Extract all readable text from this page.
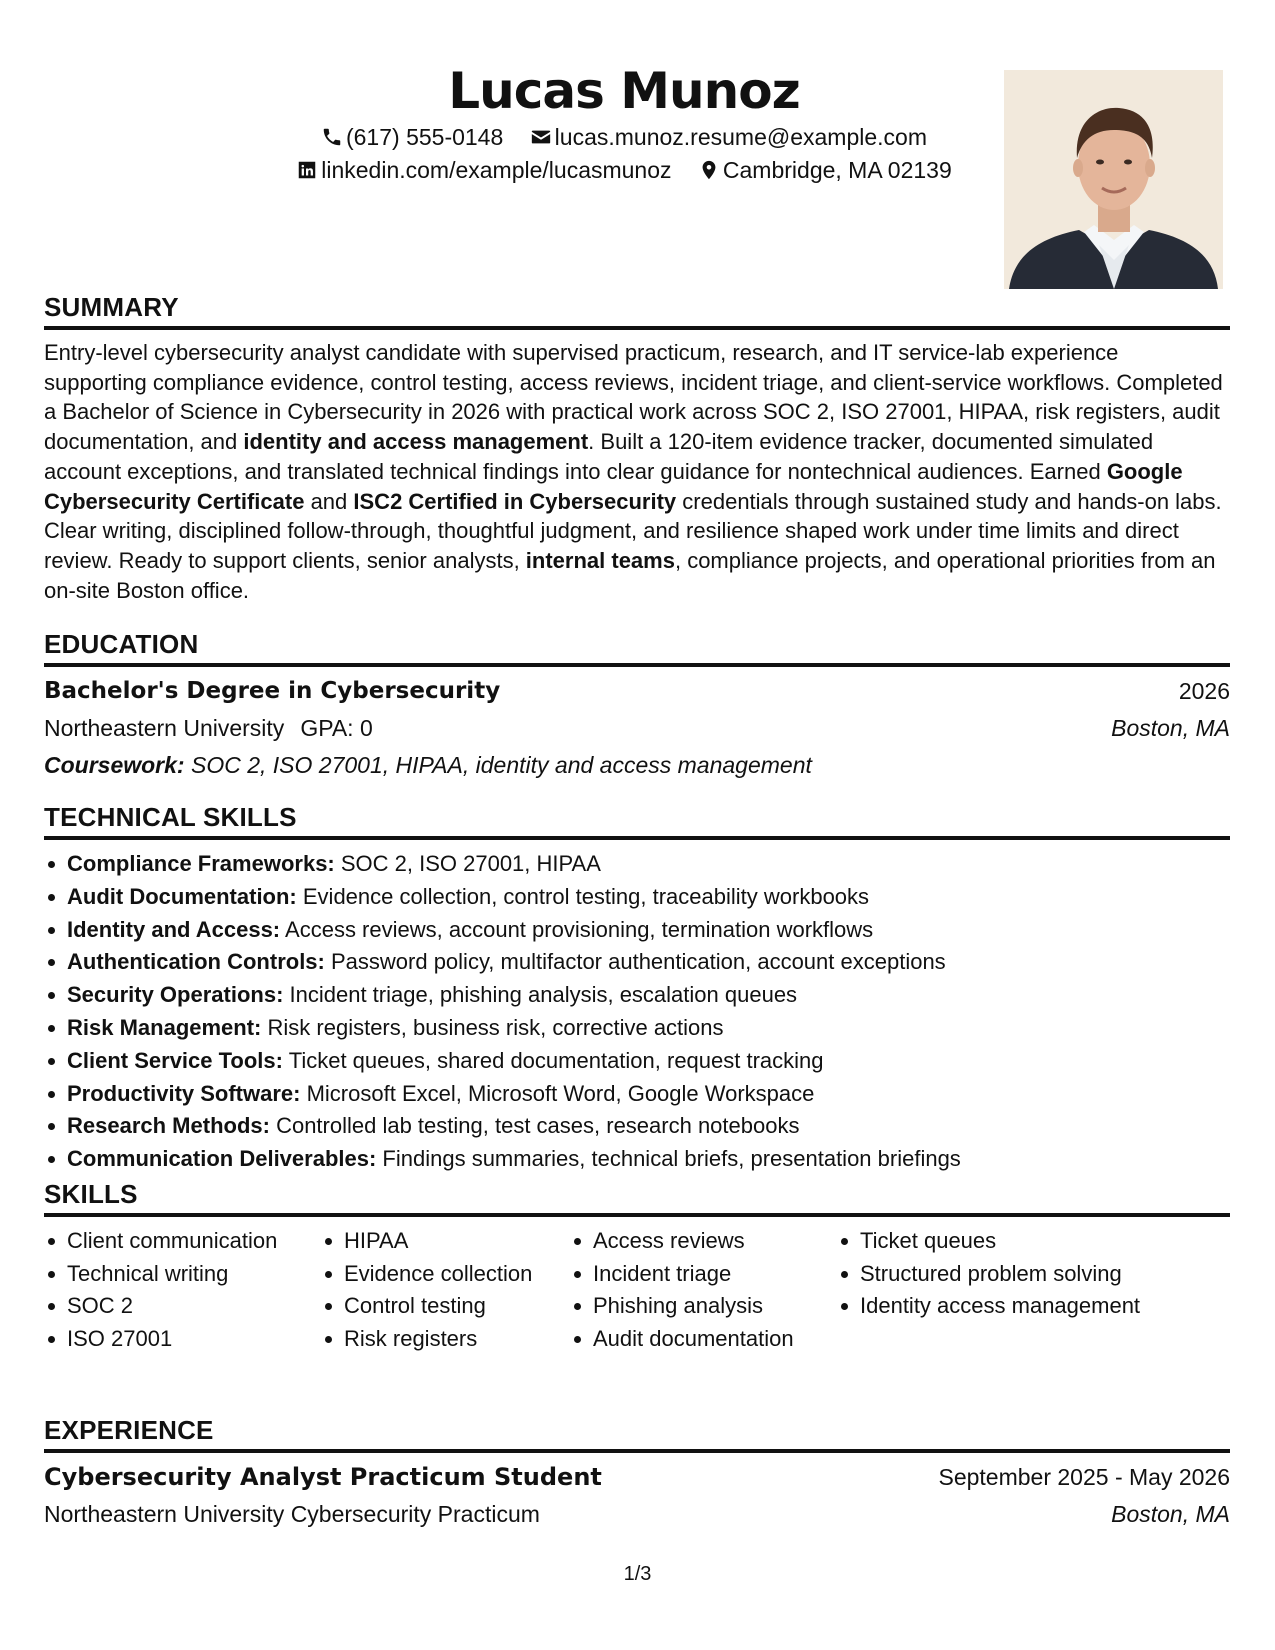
Lucas Munoz
(617) 555-0148
lucas.munoz.resume@example.com
linkedin.com/example/lucasmunoz
Cambridge, MA 02139
SUMMARY
Entry-level cybersecurity analyst candidate with supervised practicum, research, and IT service-lab experience supporting compliance evidence, control testing, access reviews, incident triage, and client-service workflows. Completed a Bachelor of Science in Cybersecurity in 2026 with practical work across SOC 2, ISO 27001, HIPAA, risk registers, audit documentation, and identity and access management. Built a 120-item evidence tracker, documented simulated account exceptions, and translated technical findings into clear guidance for nontechnical audiences. Earned Google Cybersecurity Certificate and ISC2 Certified in Cybersecurity credentials through sustained study and hands-on labs. Clear writing, disciplined follow-through, thoughtful judgment, and resilience shaped work under time limits and direct review. Ready to support clients, senior analysts, internal teams, compliance projects, and operational priorities from an on-site Boston office.
EDUCATION
Bachelor's Degree in Cybersecurity	2026
Northeastern University GPA: 0	Boston, MA
Coursework: SOC 2, ISO 27001, HIPAA, identity and access management
TECHNICAL SKILLS
Compliance Frameworks: SOC 2, ISO 27001, HIPAA
Audit Documentation: Evidence collection, control testing, traceability workbooks
Identity and Access: Access reviews, account provisioning, termination workflows
Authentication Controls: Password policy, multifactor authentication, account exceptions
Security Operations: Incident triage, phishing analysis, escalation queues
Risk Management: Risk registers, business risk, corrective actions
Client Service Tools: Ticket queues, shared documentation, request tracking
Productivity Software: Microsoft Excel, Microsoft Word, Google Workspace
Research Methods: Controlled lab testing, test cases, research notebooks
Communication Deliverables: Findings summaries, technical briefs, presentation briefings
SKILLS
Client communication
Technical writing
SOC 2
ISO 27001
HIPAA
Evidence collection
Control testing
Risk registers
Access reviews
Incident triage
Phishing analysis
Audit documentation
Ticket queues
Structured problem solving
Identity access management
EXPERIENCE
Cybersecurity Analyst Practicum Student	September 2025 - May 2026
Northeastern University Cybersecurity Practicum	Boston, MA
1/3
